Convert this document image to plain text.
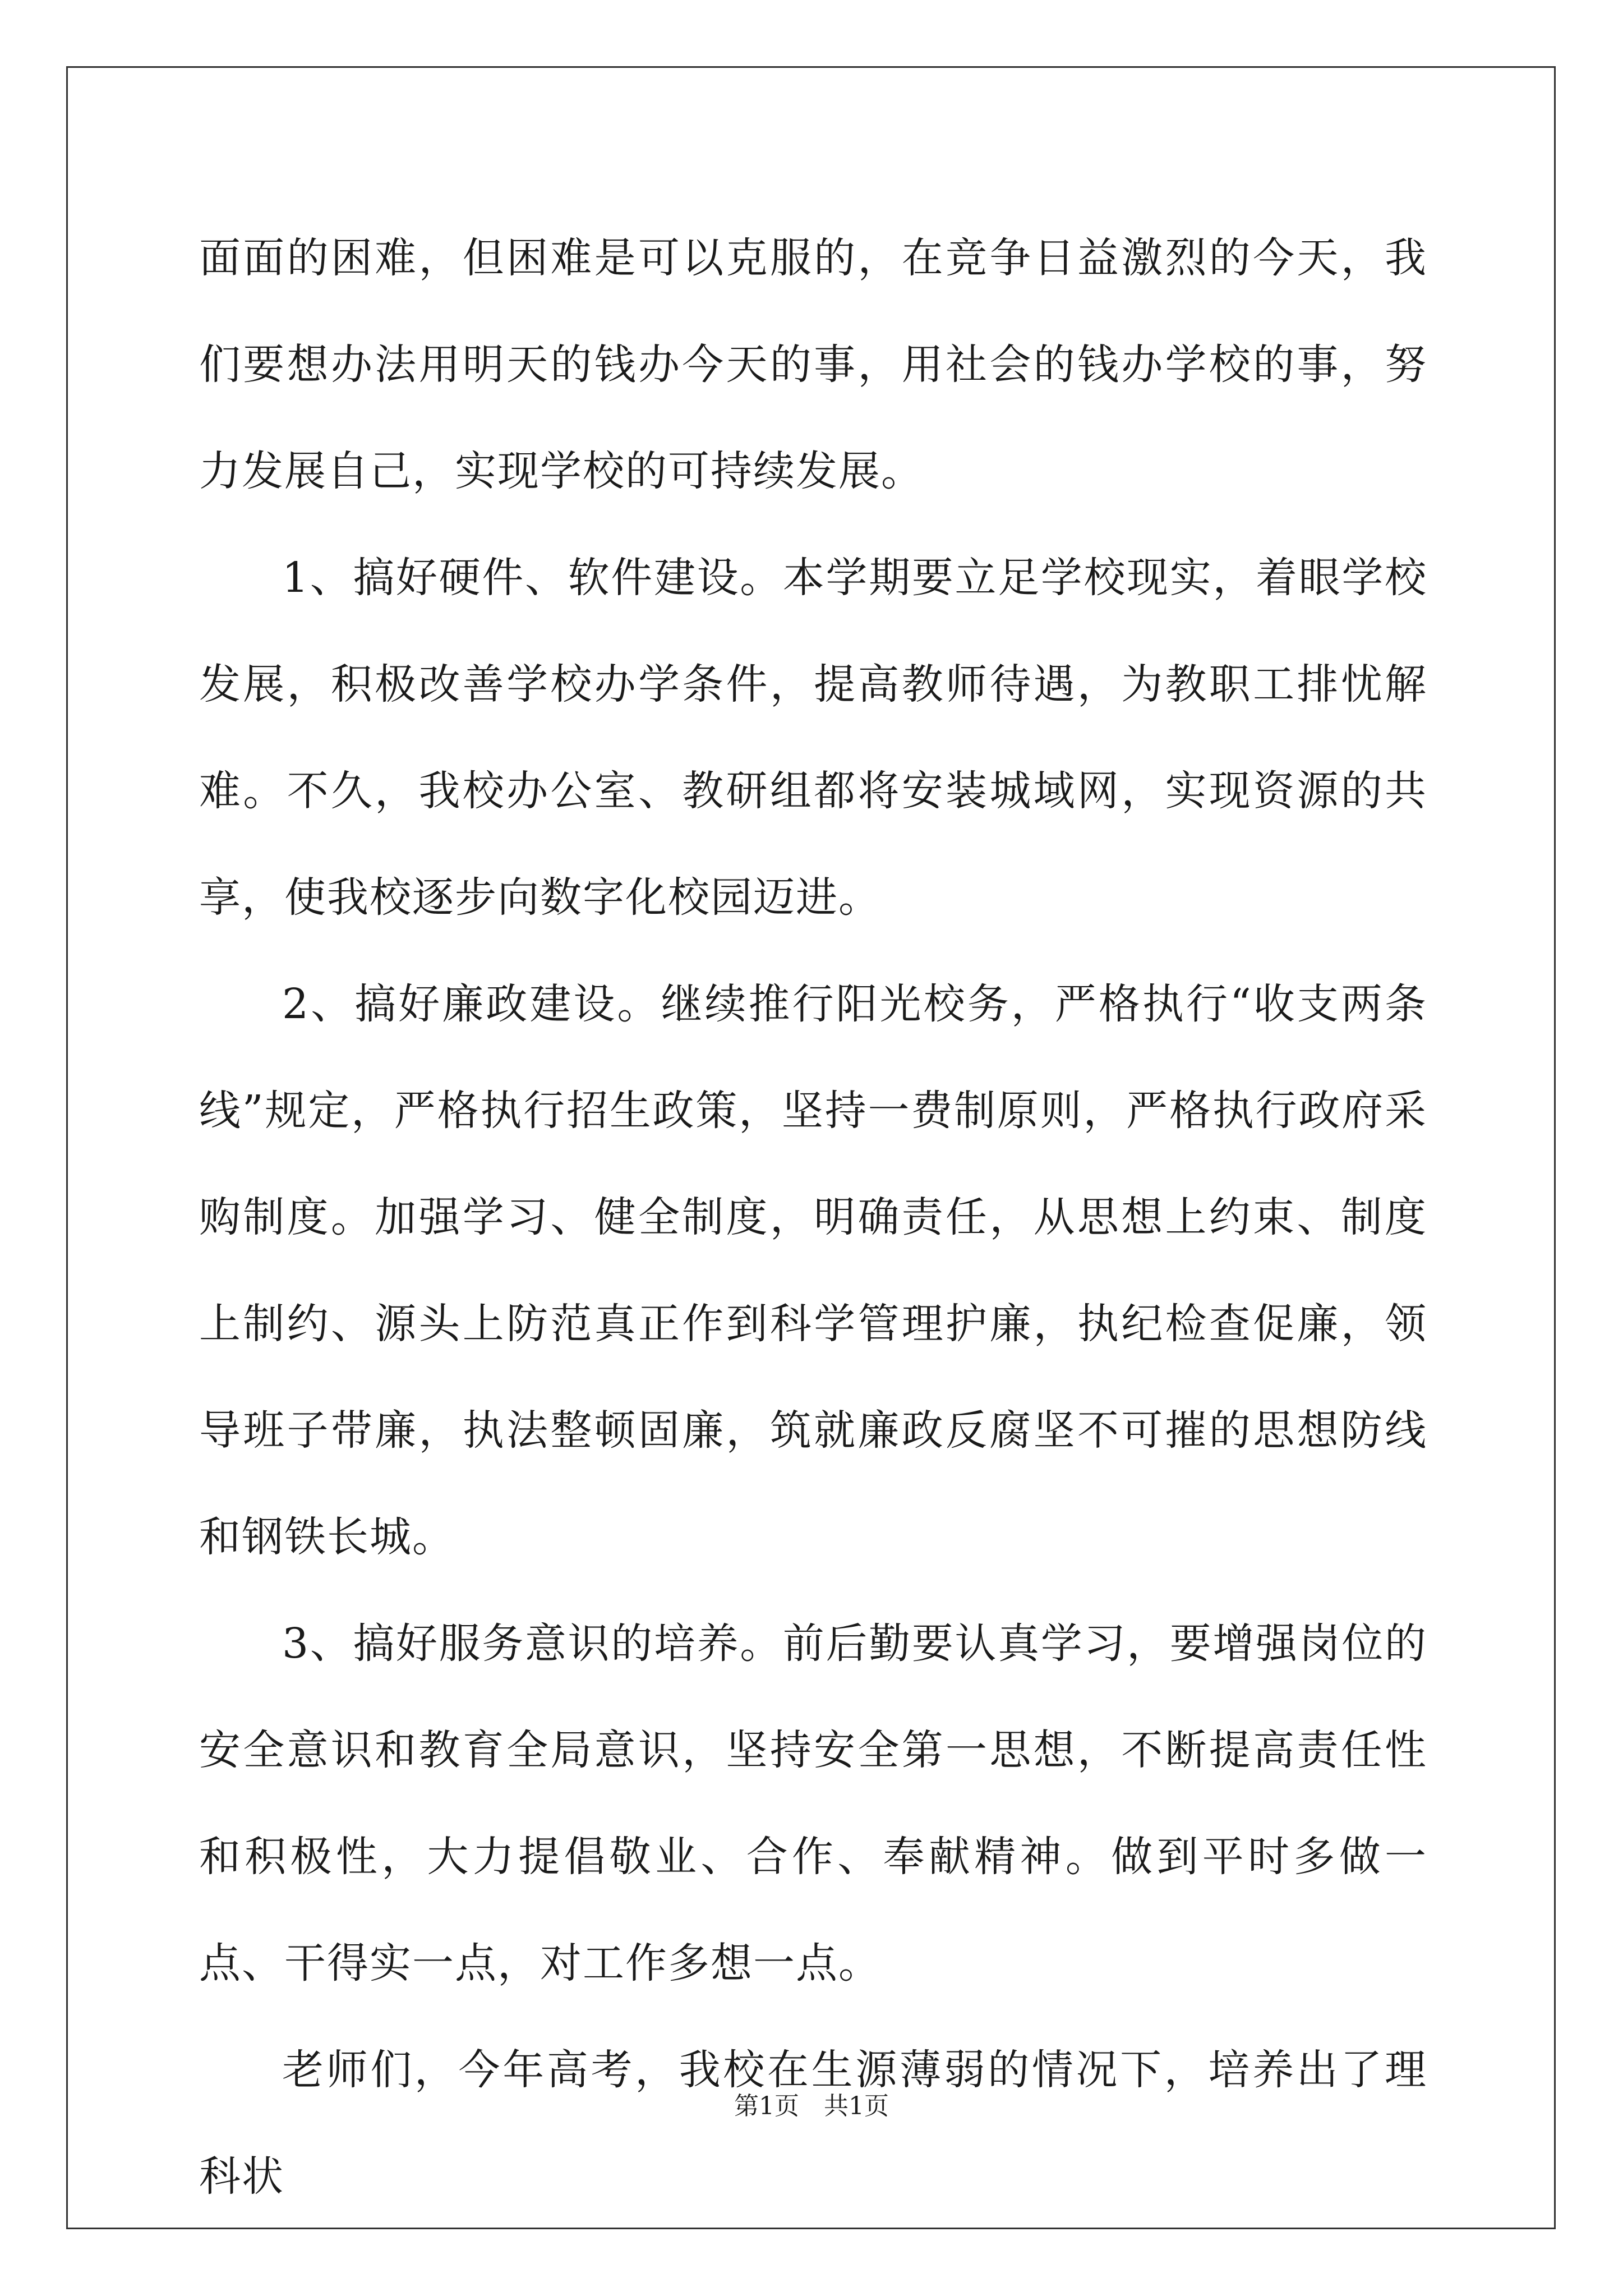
面面的困难，但困难是可以克服的，在竞争日益激烈的今天，我们要想办法用明天的钱办今天的事，用社会的钱办学校的事，努力发展自己，实现学校的可持续发展。

1、搞好硬件、软件建设。本学期要立足学校现实，着眼学校发展，积极改善学校办学条件，提高教师待遇，为教职工排忧解难。不久，我校办公室、教研组都将安装城域网，实现资源的共享，使我校逐步向数字化校园迈进。

2、搞好廉政建设。继续推行阳光校务，严格执行“收支两条线”规定，严格执行招生政策，坚持一费制原则，严格执行政府采购制度。加强学习、健全制度，明确责任，从思想上约束、制度上制约、源头上防范真正作到科学管理护廉，执纪检查促廉，领导班子带廉，执法整顿固廉，筑就廉政反腐坚不可摧的思想防线和钢铁长城。

3、搞好服务意识的培养。前后勤要认真学习，要增强岗位的安全意识和教育全局意识，坚持安全第一思想，不断提高责任性和积极性，大力提倡敬业、合作、奉献精神。做到平时多做一点、干得实一点，对工作多想一点。

老师们，今年高考，我校在生源薄弱的情况下，培养出了理科状

第1页 共1页
